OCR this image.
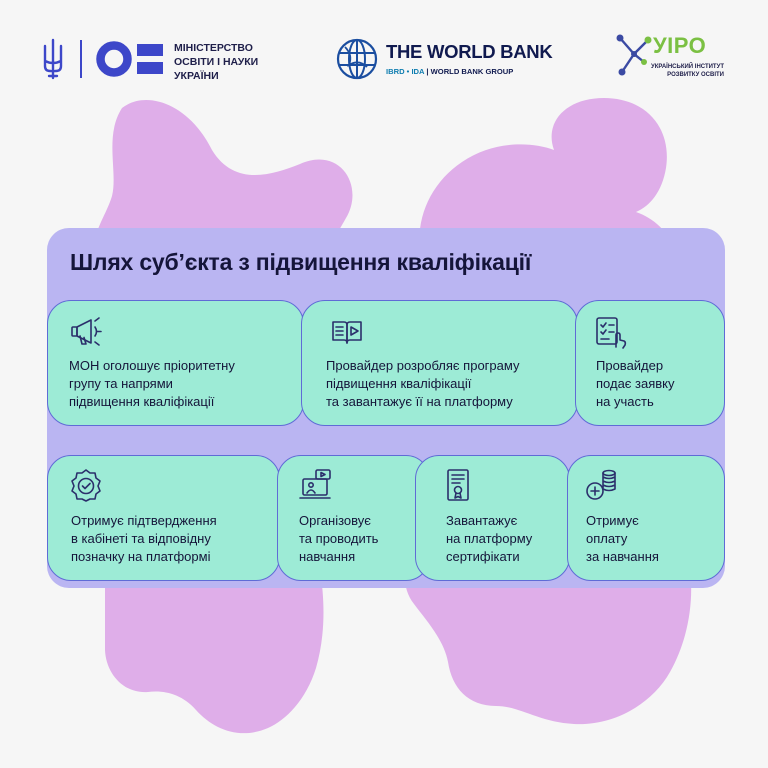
МІНІСТЕРСТВО
ОСВІТИ І НАУКИ
УКРАЇНИ
THE WORLD BANK
IBRD • IDA | WORLD BANK GROUP
УІРО
УКРАЇНСЬКИЙ ІНСТИТУТ
РОЗВИТКУ ОСВІТИ
Шлях суб’єкта з підвищення кваліфікації
МОН оголошує пріоритетну
групу та напрями
підвищення кваліфікації
Провайдер розробляє програму
підвищення кваліфікації
та завантажує її на платформу
Провайдер
подає заявку
на участь
Отримує підтвердження
в кабінеті та відповідну
позначку на платформі
Організовує
та проводить
навчання
Завантажує
на платформу
сертифікати
Отримує
оплату
за навчання
